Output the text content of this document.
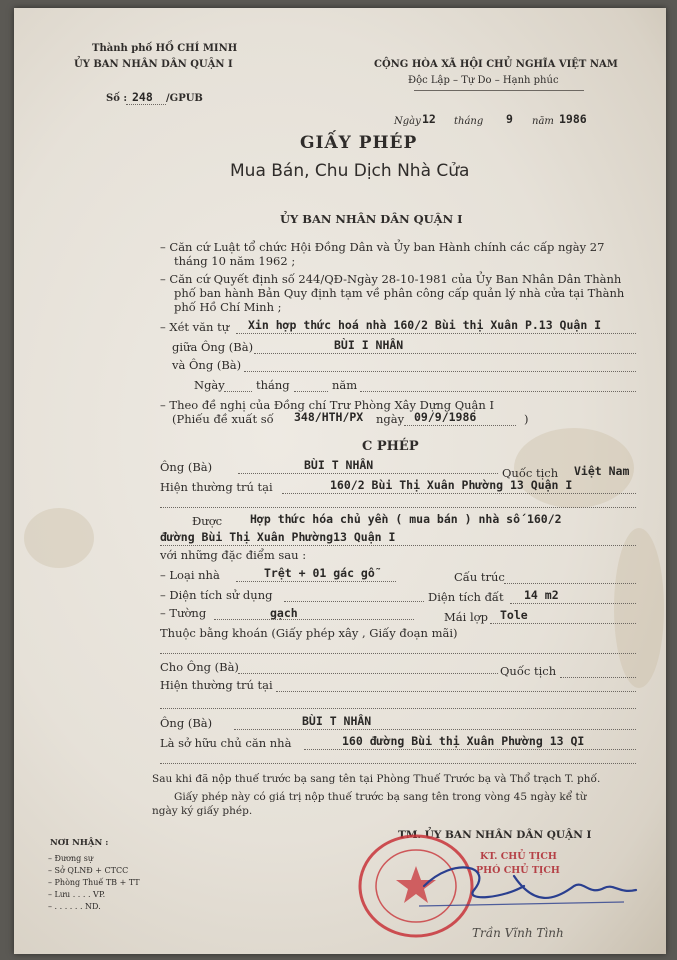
Thành phố HỒ CHÍ MINH
ỦY BAN NHÂN DÂN QUẬN I
Số : 248 /GPUB
CỘNG HÒA XÃ HỘI CHỦ NGHĨA VIỆT NAM
Độc Lập – Tự Do – Hạnh phúc
Ngày 12 tháng 9 năm 1986
GIẤY PHÉP
Mua Bán, Chu Dịch Nhà Cửa
ỦY BAN NHÂN DÂN QUẬN I
– Căn cứ Luật tổ chức Hội Đồng Dân và Ủy ban Hành chính các cấp ngày 27
tháng 10 năm 1962 ;
– Căn cứ Quyết định số 244/QĐ-Ngày 28-10-1981 của Ủy Ban Nhân Dân Thành
phố ban hành Bản Quy định tạm về phân công cấp quản lý nhà cửa tại Thành
phố Hồ Chí Minh ;
– Xét văn tự Xin hợp thức hoá nhà 160/2 Bùi thị Xuân P.13 Quận I
giữa Ông (Bà)	BÙI I NHÂN
và Ông (Bà)
Ngày	tháng	năm
– Theo đề nghị của Đồng chí Trư Phòng Xây Dựng Quận I
(Phiếu đề xuất số 348/HTH/PX ngày 09/9/1986	)
C PHÉP
Ông (Bà)	BÙI T NHÂN
Quốc tịch Việt Nam
Hiện thường trú tại	160/2 Bùi Thị Xuân Phường 13 Quận I
Được Hợp thức hóa chủ yền ( mua bán ) nhà số 160/2
đường Bùi Thị Xuân Phường13 Quận I
với những đặc điểm sau :
– Loại nhà	Trệt + 01 gác gỗ	Cấu trúc
– Diện tích sử dụng	Diện tích đất 14 m2
– Tường	gạch	Mái lợp Tole
Thuộc bằng khoán (Giấy phép xây , Giấy đoạn mãi)
Cho Ông (Bà)	Quốc tịch
Hiện thường trú tại
Ông (Bà)	BÙI T NHÂN
Là sở hữu chủ căn nhà	160 đường Bùi thị Xuân Phường 13 QI
Sau khi đã nộp thuế trước bạ sang tên tại Phòng Thuế Trước bạ và Thổ trạch T. phố.
Giấy phép này có giá trị nộp thuế trước bạ sang tên trong vòng 45 ngày kể từ
ngày ký giấy phép.
NƠI NHẬN :
– Đương sự
– Sở QLNĐ + CTCC
– Phòng Thuế TB + TT
– Lưu . . . . VP.
– . . . . . . ND.
TM. ỦY BAN NHÂN DÂN QUẬN I
KT. CHỦ TỊCH
PHÓ CHỦ TỊCH
Trần Vĩnh Tình
